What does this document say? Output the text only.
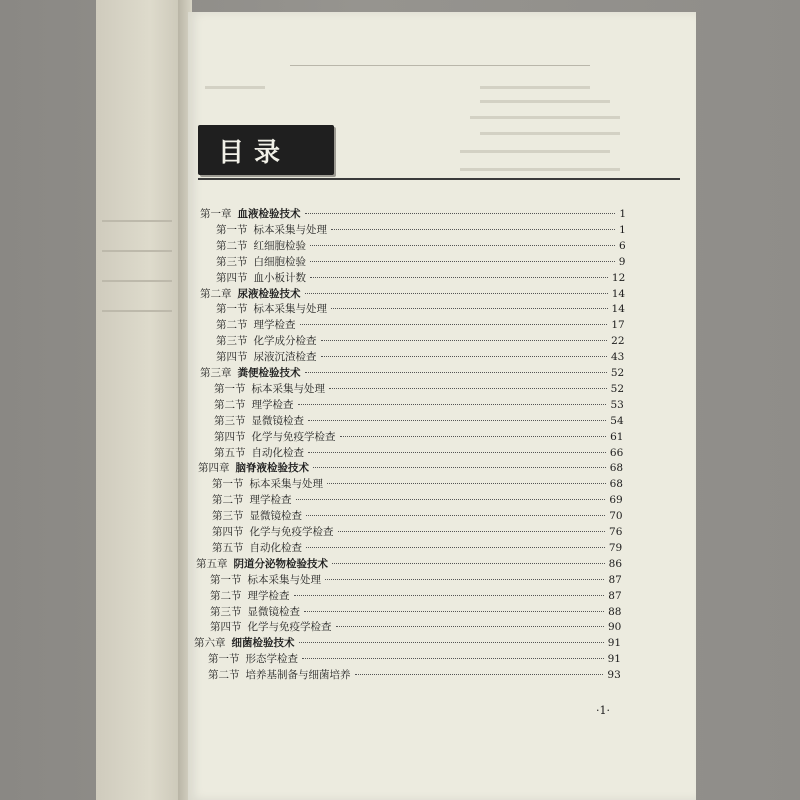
目录
第一章 血液检验技术	1
第一节 标本采集与处理	1
第二节 红细胞检验	6
第三节 白细胞检验	9
第四节 血小板计数	12
第二章 尿液检验技术	14
第一节 标本采集与处理	14
第二节 理学检查	17
第三节 化学成分检查	22
第四节 尿液沉渣检查	43
第三章 粪便检验技术	52
第一节 标本采集与处理	52
第二节 理学检查	53
第三节 显微镜检查	54
第四节 化学与免疫学检查	61
第五节 自动化检查	66
第四章 脑脊液检验技术	68
第一节 标本采集与处理	68
第二节 理学检查	69
第三节 显微镜检查	70
第四节 化学与免疫学检查	76
第五节 自动化检查	79
第五章 阴道分泌物检验技术	86
第一节 标本采集与处理	87
第二节 理学检查	87
第三节 显微镜检查	88
第四节 化学与免疫学检查	90
第六章 细菌检验技术	91
第一节 形态学检查	91
第二节 培养基制备与细菌培养	93
·1·
